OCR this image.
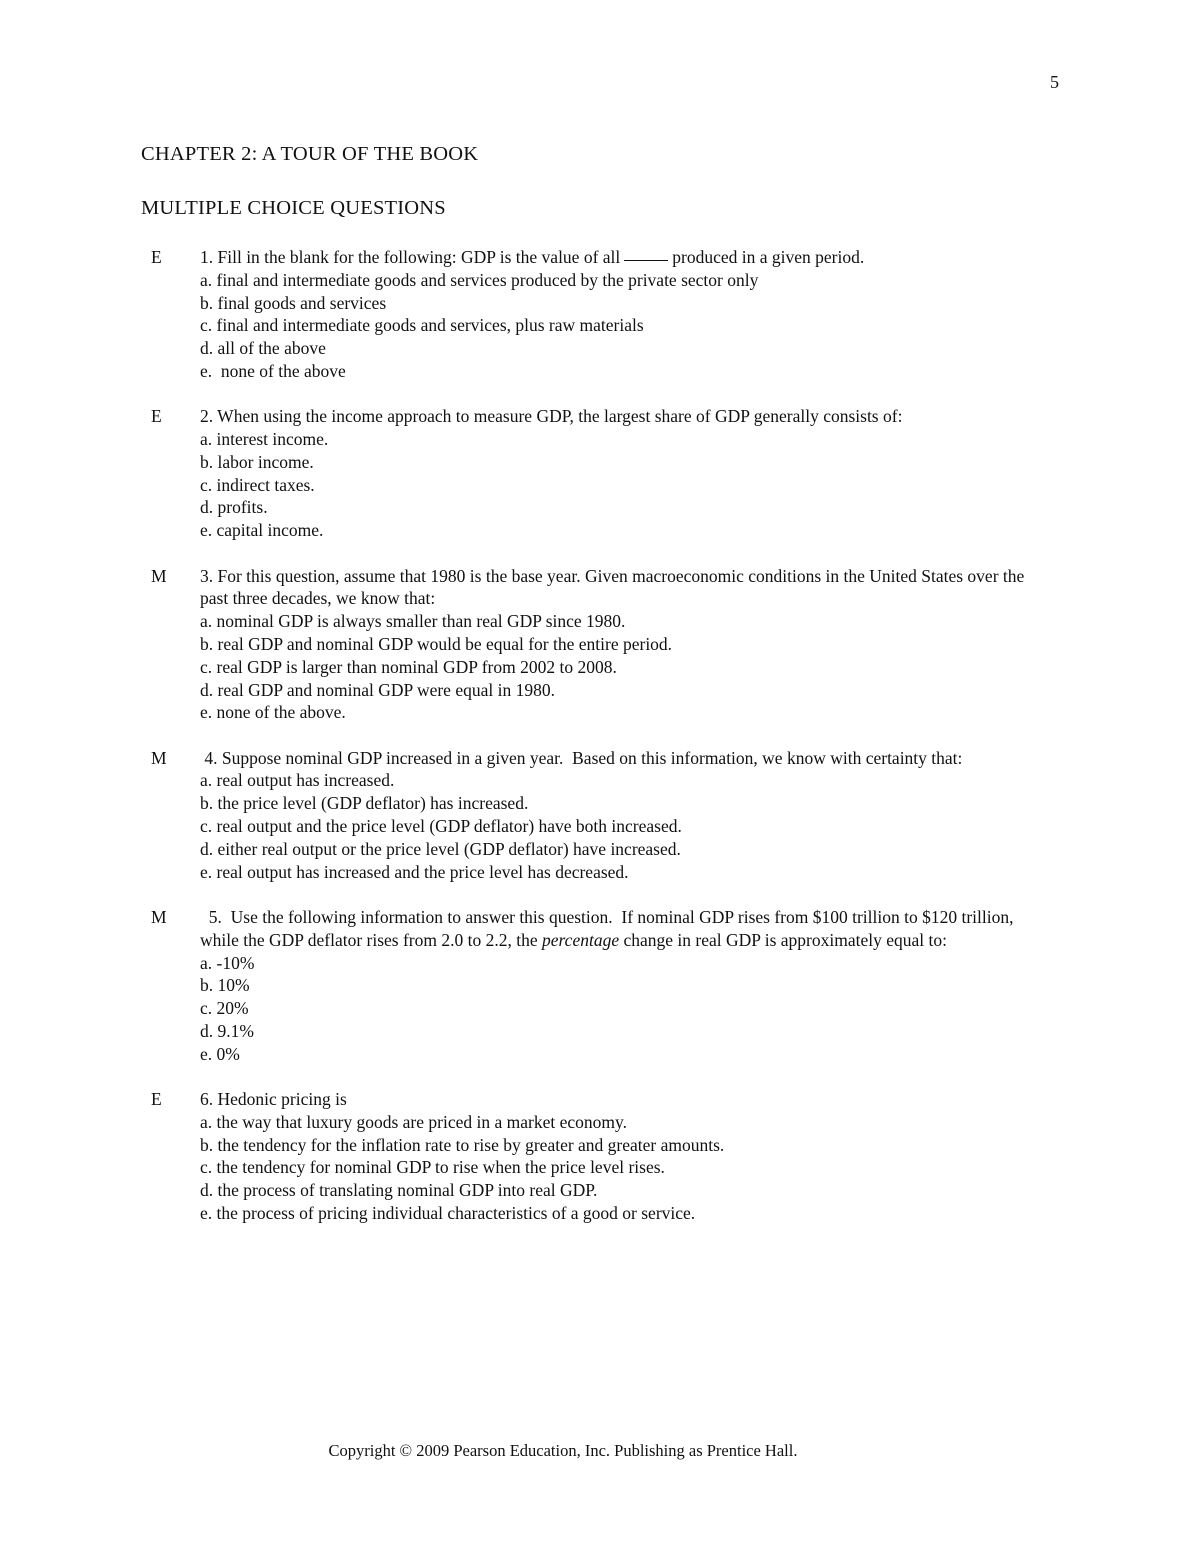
5
CHAPTER 2: A TOUR OF THE BOOK
MULTIPLE CHOICE QUESTIONS
E	1. Fill in the blank for the following: GDP is the value of all	produced in a given period.
a. final and intermediate goods and services produced by the private sector only
b. final goods and services
c. final and intermediate goods and services, plus raw materials
d. all of the above
e.  none of the above
E	2. When using the income approach to measure GDP, the largest share of GDP generally consists of:
a. interest income.
b. labor income.
c. indirect taxes.
d. profits.
e. capital income.
M	3. For this question, assume that 1980 is the base year. Given macroeconomic conditions in the United States over the past three decades, we know that:
a. nominal GDP is always smaller than real GDP since 1980.
b. real GDP and nominal GDP would be equal for the entire period.
c. real GDP is larger than nominal GDP from 2002 to 2008.
d. real GDP and nominal GDP were equal in 1980.
e. none of the above.
M	4. Suppose nominal GDP increased in a given year.  Based on this information, we know with certainty that:
a. real output has increased.
b. the price level (GDP deflator) has increased.
c. real output and the price level (GDP deflator) have both increased.
d. either real output or the price level (GDP deflator) have increased.
e. real output has increased and the price level has decreased.
M	5.  Use the following information to answer this question.  If nominal GDP rises from $100 trillion to $120 trillion, while the GDP deflator rises from 2.0 to 2.2, the percentage change in real GDP is approximately equal to:
a. -10%
b. 10%
c. 20%
d. 9.1%
e. 0%
E	6. Hedonic pricing is
a. the way that luxury goods are priced in a market economy.
b. the tendency for the inflation rate to rise by greater and greater amounts.
c. the tendency for nominal GDP to rise when the price level rises.
d. the process of translating nominal GDP into real GDP.
e. the process of pricing individual characteristics of a good or service.
Copyright © 2009 Pearson Education, Inc. Publishing as Prentice Hall.
